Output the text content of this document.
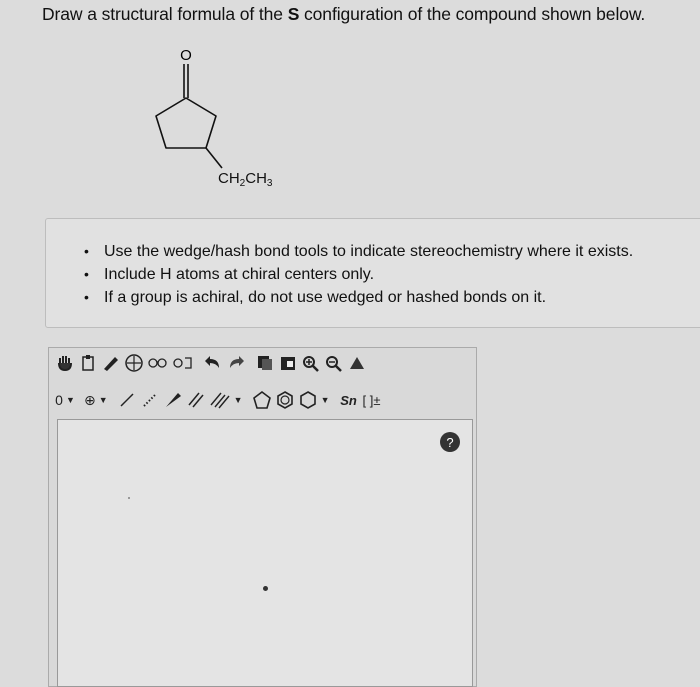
Draw a structural formula of the S configuration of the compound shown below.
O
$CH_2CH_3$
• Use the wedge/hash bond tools to indicate stereochemistry where it exists.
• Include H atoms at chiral centers only.
• If a group is achiral, do not use wedged or hashed bonds on it.
0 ▼ ⊕ ▼	▼	▼ Sn [ ]±
?
